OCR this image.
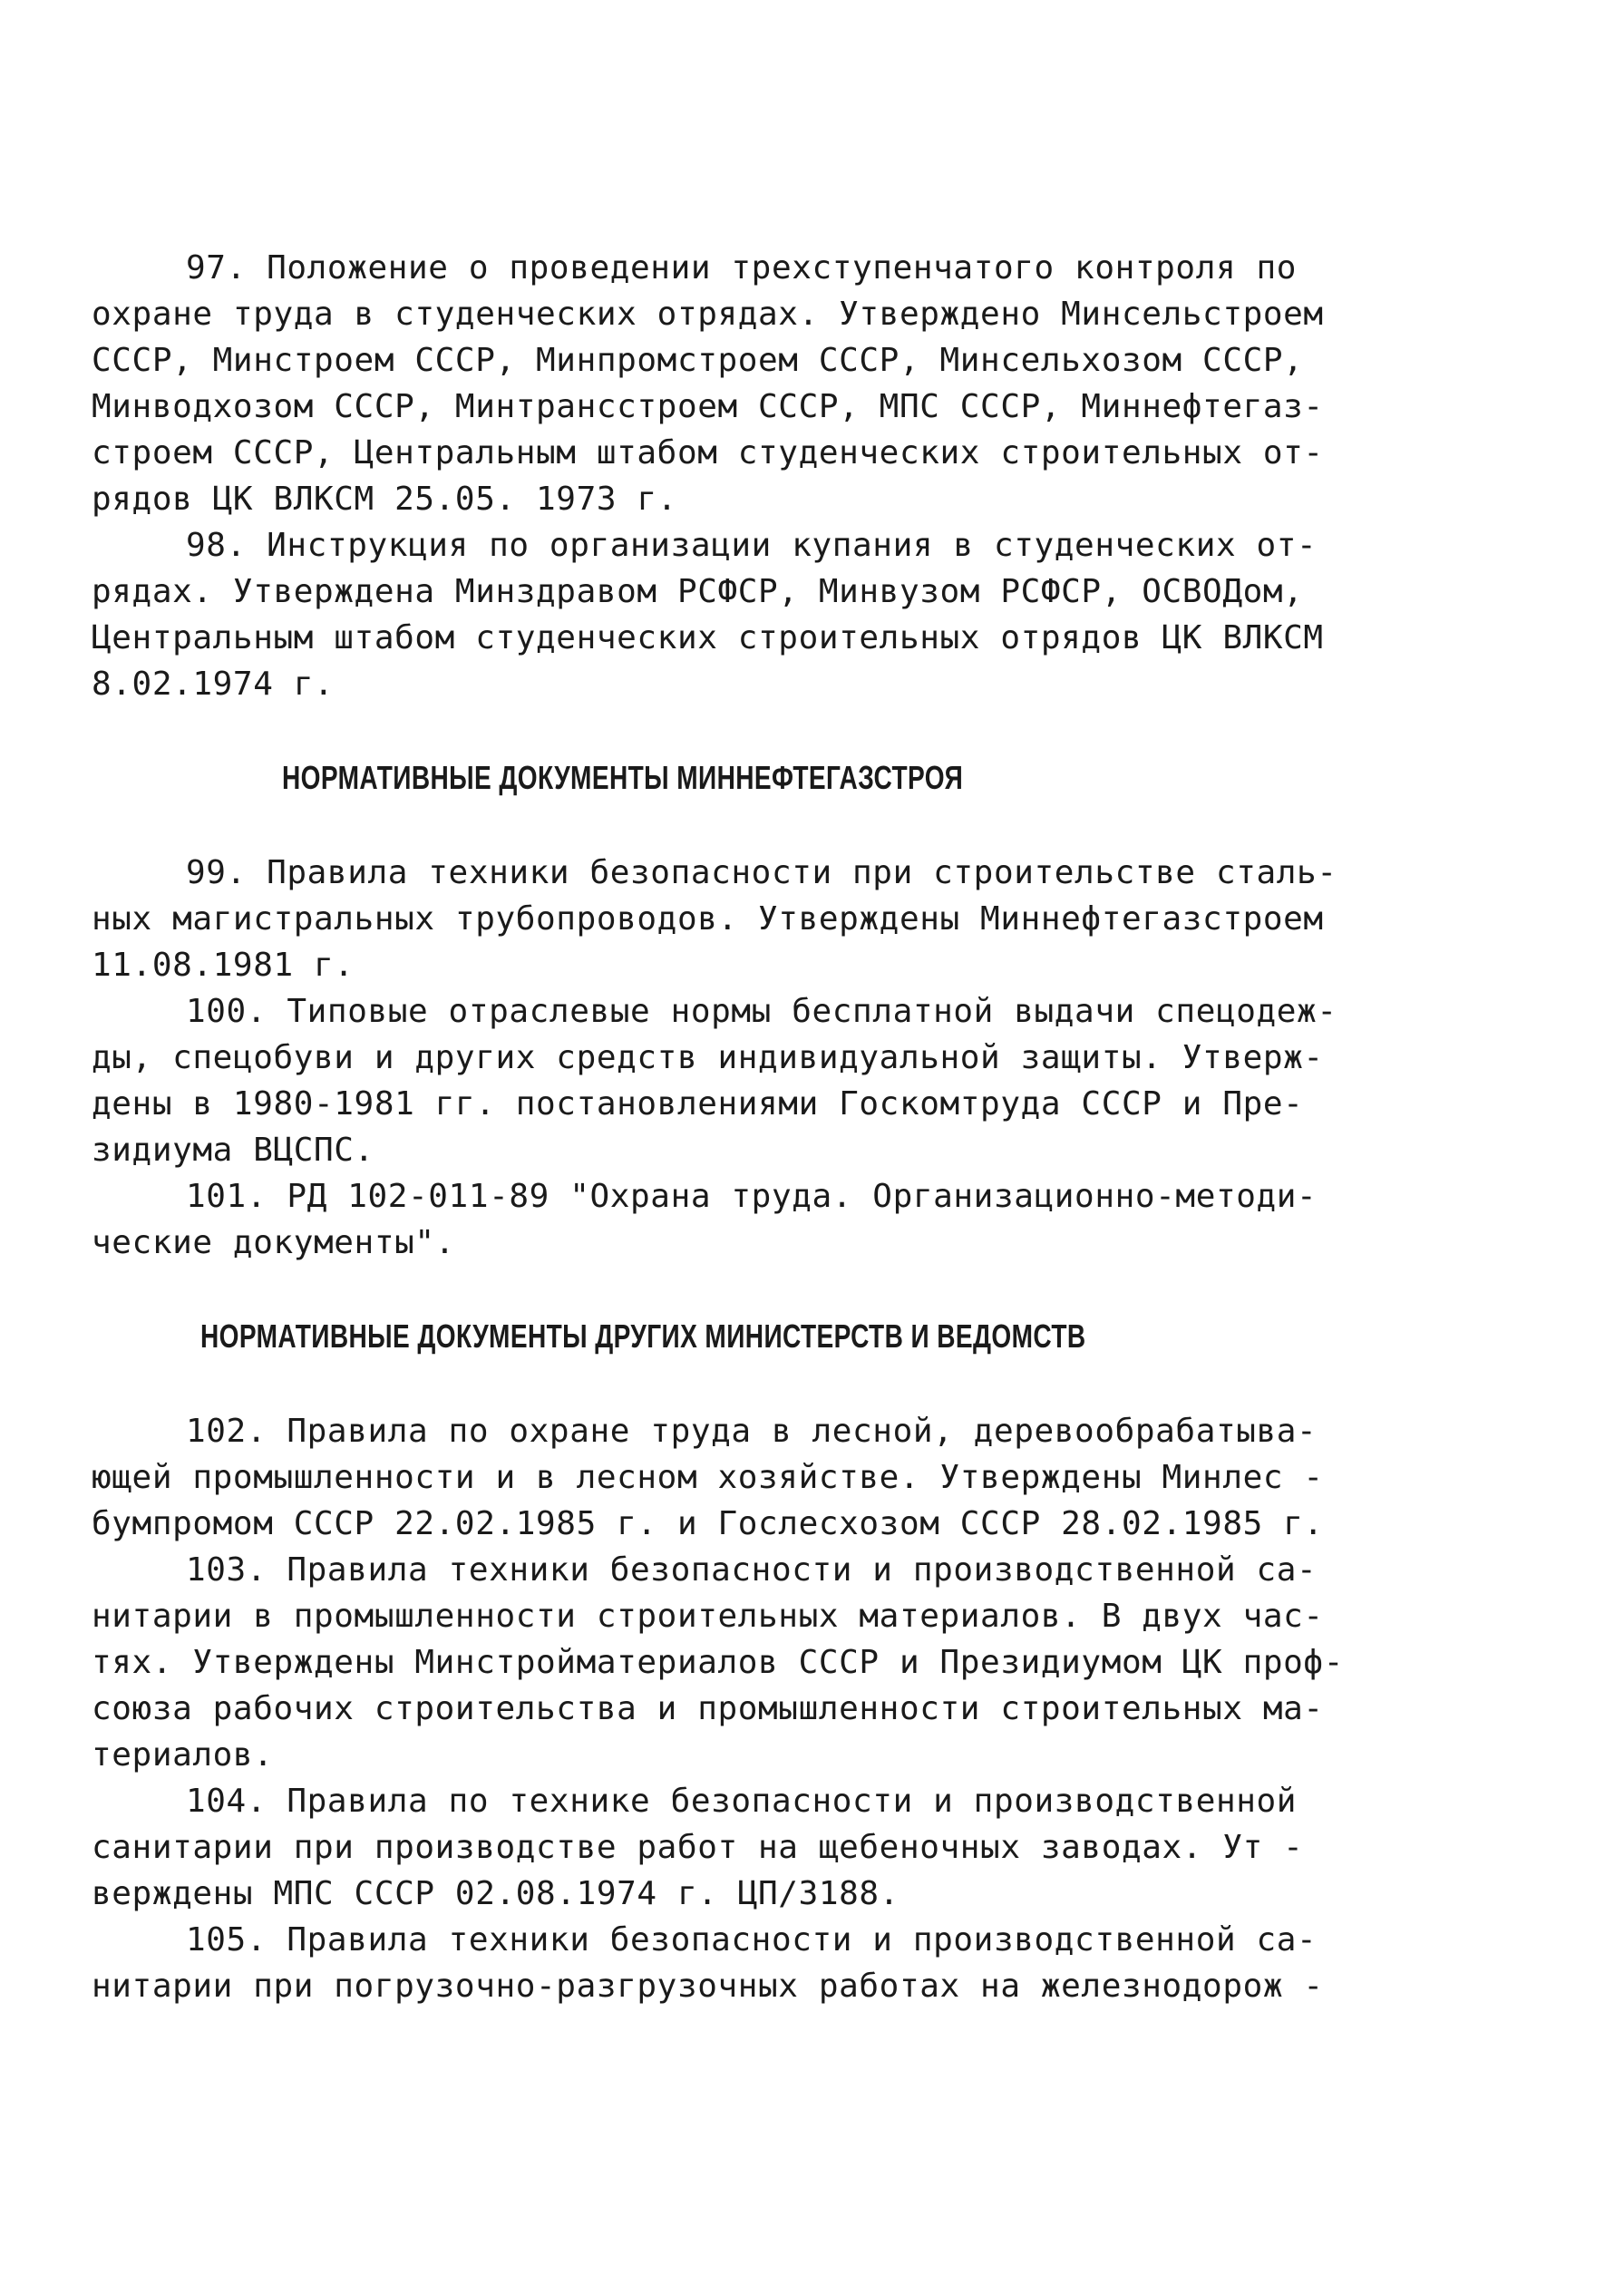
97. Положение о проведении трехступенчатого контроля по
охране труда в студенческих отрядах. Утверждено Минсельстроем
СССР, Минстроем СССР, Минпромстроем СССР, Минсельхозом СССР,
Минводхозом СССР, Минтрансстроем СССР, МПС СССР, Миннефтегаз-
строем СССР, Центральным штабом студенческих строительных от-
рядов ЦК ВЛКСМ 25.05. 1973 г.
98. Инструкция по организации купания в студенческих от-
рядах. Утверждена Минздравом РСФСР, Минвузом РСФСР, ОСВОДом,
Центральным штабом студенческих строительных отрядов ЦК ВЛКСМ
8.02.1974 г.
НОРМАТИВНЫЕ ДОКУМЕНТЫ МИННЕФТЕГАЗСТРОЯ
99. Правила техники безопасности при строительстве сталь-
ных магистральных трубопроводов. Утверждены Миннефтегазстроем
11.08.1981 г.
100. Типовые отраслевые нормы бесплатной выдачи спецодеж-
ды, спецобуви и других средств индивидуальной защиты. Утверж-
дены в 1980-1981 гг. постановлениями Госкомтруда СССР и Пре-
зидиума ВЦСПС.
101. РД 102-011-89 "Охрана труда. Организационно-методи-
ческие документы".
НОРМАТИВНЫЕ ДОКУМЕНТЫ ДРУГИХ МИНИСТЕРСТВ И ВЕДОМСТВ
102. Правила по охране труда в лесной, деревообрабатыва-
ющей промышленности и в лесном хозяйстве. Утверждены Минлес -
бумпромом СССР 22.02.1985 г. и Гослесхозом СССР 28.02.1985 г.
103. Правила техники безопасности и производственной са-
нитарии в промышленности строительных материалов. В двух час-
тях. Утверждены Минстройматериалов СССР и Президиумом ЦК проф-
союза рабочих строительства и промышленности строительных ма-
териалов.
104. Правила по технике безопасности и производственной
санитарии при производстве работ на щебеночных заводах. Ут -
верждены МПС СССР 02.08.1974 г. ЦП/3188.
105. Правила техники безопасности и производственной са-
нитарии при погрузочно-разгрузочных работах на железнодорож -
